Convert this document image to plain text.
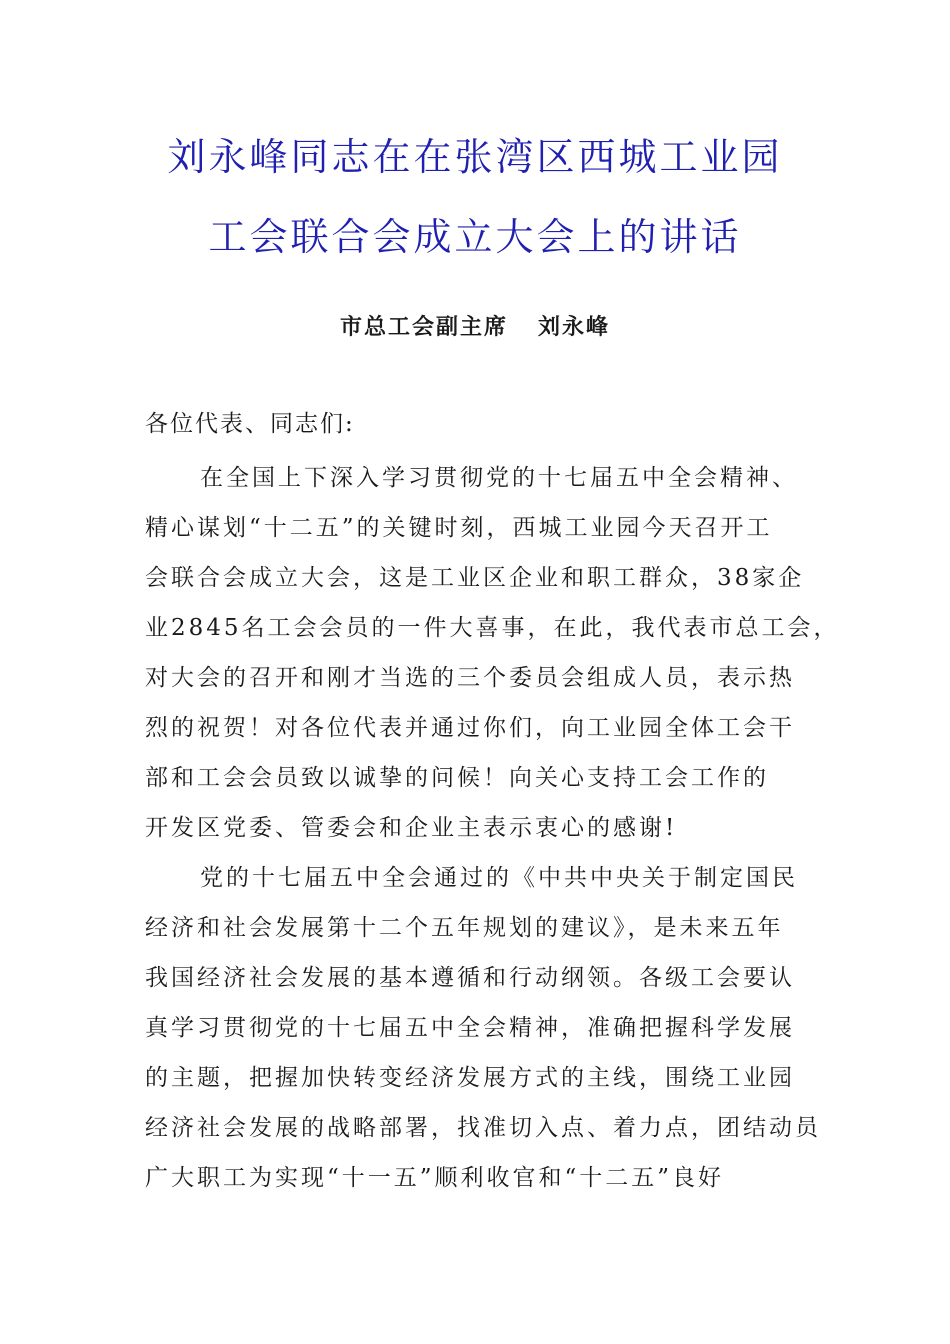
刘永峰同志在在张湾区西城工业园
工会联合会成立大会上的讲话
市总工会副主席 刘永峰
各位代表、同志们:
在全国上下深入学习贯彻党的十七届五中全会精神、
精心谋划“十二五”的关键时刻，西城工业园今天召开工
会联合会成立大会，这是工业区企业和职工群众，38家企
业2845名工会会员的一件大喜事，在此，我代表市总工会，
对大会的召开和刚才当选的三个委员会组成人员，表示热
烈的祝贺！对各位代表并通过你们，向工业园全体工会干
部和工会会员致以诚挚的问候！向关心支持工会工作的
开发区党委、管委会和企业主表示衷心的感谢!
党的十七届五中全会通过的《中共中央关于制定国民
经济和社会发展第十二个五年规划的建议》，是未来五年
我国经济社会发展的基本遵循和行动纲领。各级工会要认
真学习贯彻党的十七届五中全会精神，准确把握科学发展
的主题，把握加快转变经济发展方式的主线，围绕工业园
经济社会发展的战略部署，找准切入点、着力点，团结动员
广大职工为实现“十一五”顺利收官和“十二五”良好
